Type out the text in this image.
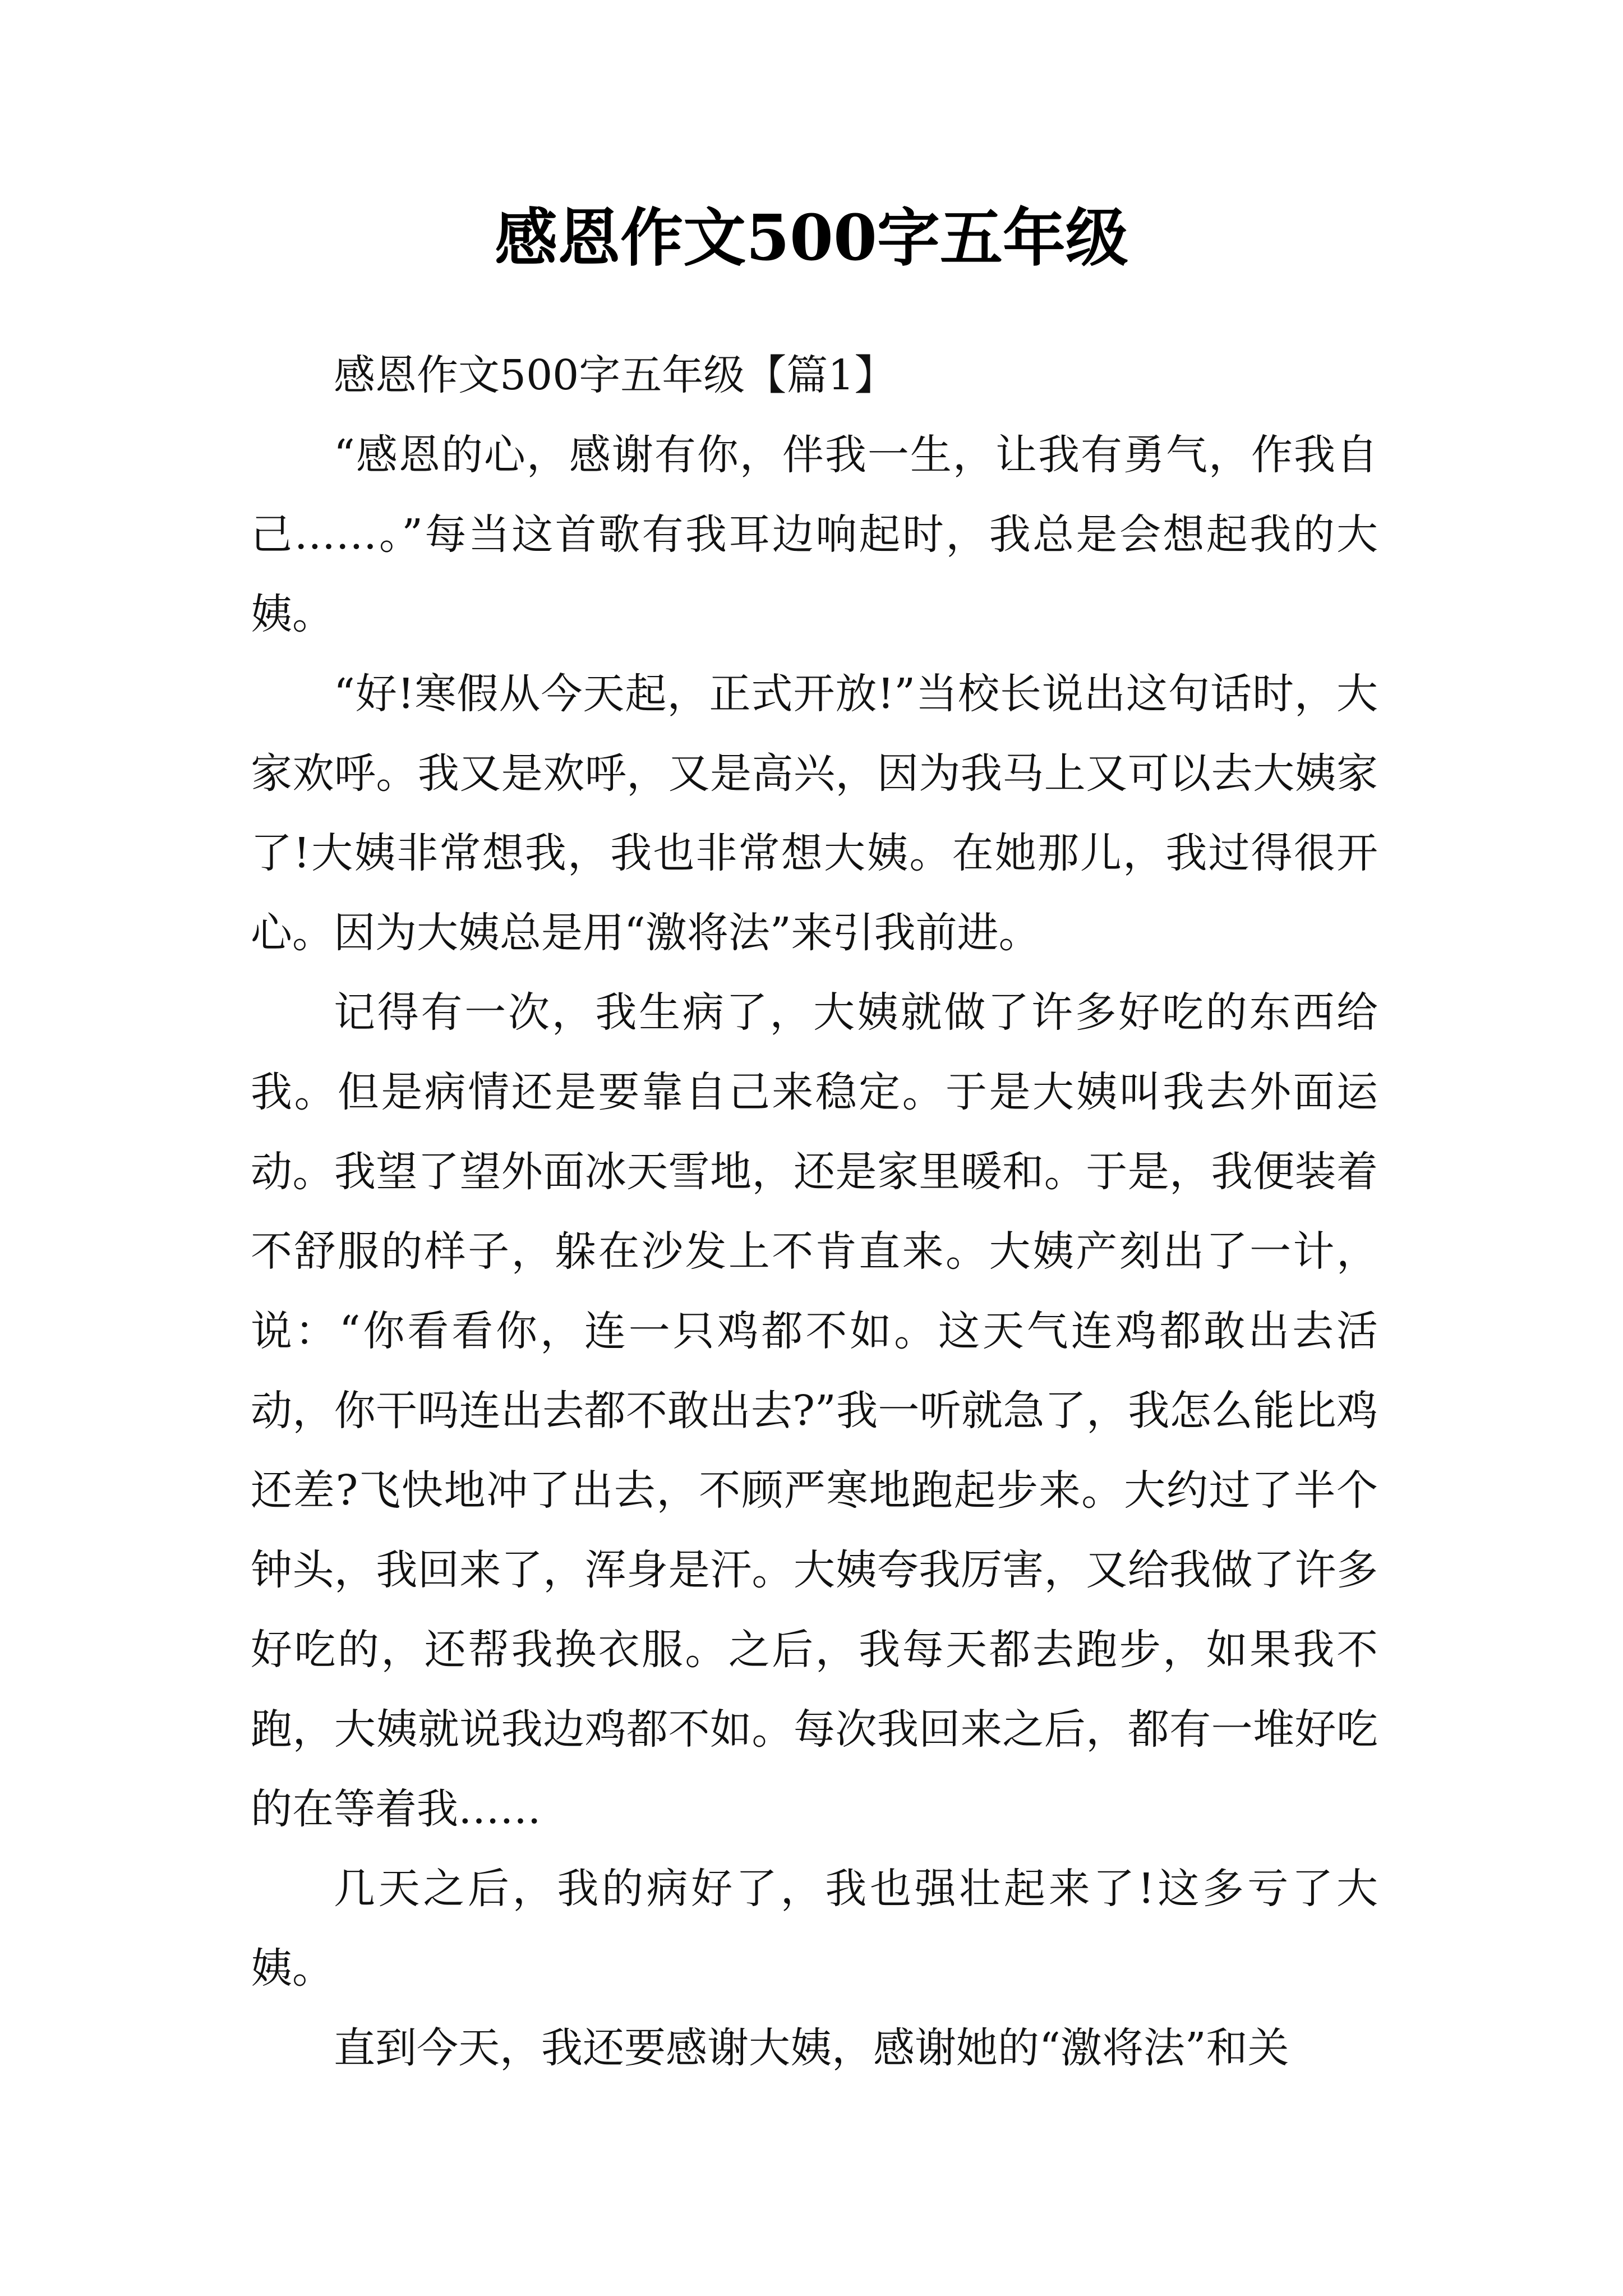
感恩作文500字五年级

感恩作文500字五年级【篇1】

“感恩的心，感谢有你，伴我一生，让我有勇气，作我自己……。”每当这首歌有我耳边响起时，我总是会想起我的大姨。

“好!寒假从今天起，正式开放!”当校长说出这句话时，大家欢呼。我又是欢呼，又是高兴，因为我马上又可以去大姨家了!大姨非常想我，我也非常想大姨。在她那儿，我过得很开心。因为大姨总是用“激将法”来引我前进。

记得有一次，我生病了，大姨就做了许多好吃的东西给我。但是病情还是要靠自己来稳定。于是大姨叫我去外面运动。我望了望外面冰天雪地，还是家里暖和。于是，我便装着不舒服的样子，躲在沙发上不肯直来。大姨产刻出了一计，说：“你看看你，连一只鸡都不如。这天气连鸡都敢出去活动，你干吗连出去都不敢出去?”我一听就急了，我怎么能比鸡还差?飞快地冲了出去，不顾严寒地跑起步来。大约过了半个钟头，我回来了，浑身是汗。大姨夸我厉害，又给我做了许多好吃的，还帮我换衣服。之后，我每天都去跑步，如果我不跑，大姨就说我边鸡都不如。每次我回来之后，都有一堆好吃的在等着我……

几天之后，我的病好了，我也强壮起来了!这多亏了大姨。

直到今天，我还要感谢大姨，感谢她的“激将法”和关
